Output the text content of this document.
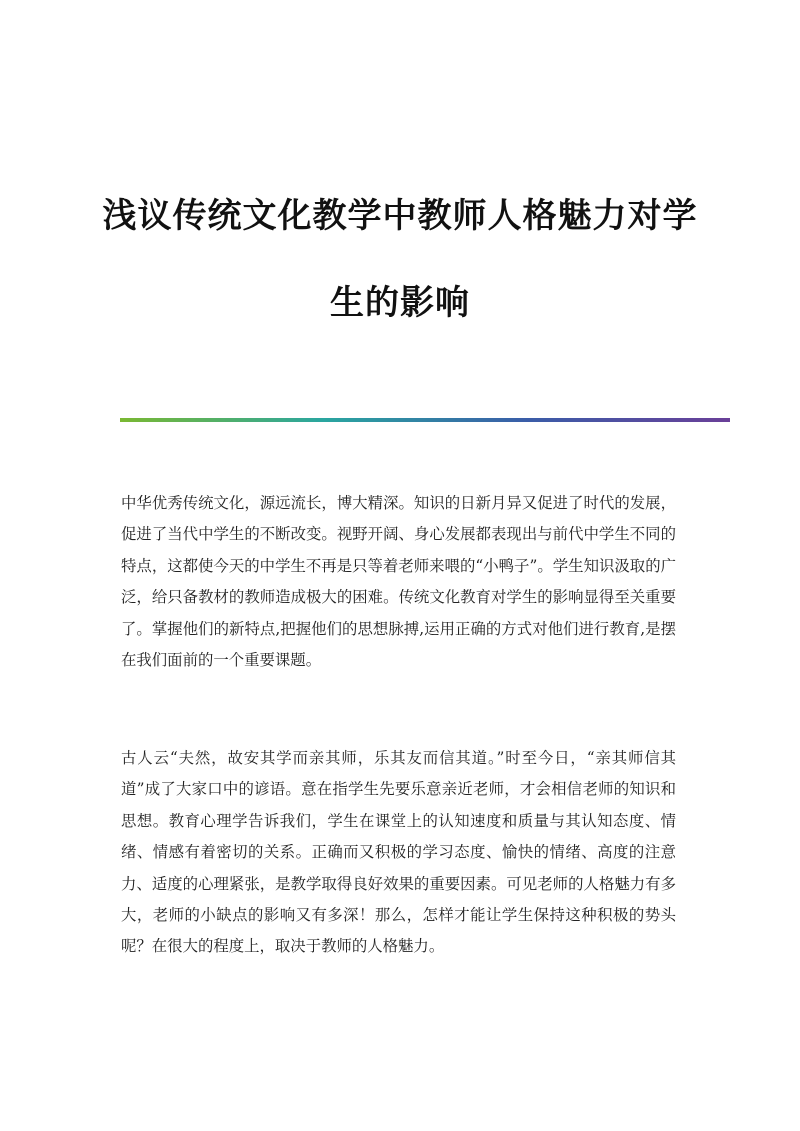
浅议传统文化教学中教师人格魅力对学
生的影响

中华优秀传统文化，源远流长，博大精深。知识的日新月异又促进了时代的发展，促进了当代中学生的不断改变。视野开阔、身心发展都表现出与前代中学生不同的特点，这都使今天的中学生不再是只等着老师来喂的“小鸭子”。学生知识汲取的广泛，给只备教材的教师造成极大的困难。传统文化教育对学生的影响显得至关重要了。掌握他们的新特点,把握他们的思想脉搏,运用正确的方式对他们进行教育,是摆在我们面前的一个重要课题。

古人云“夫然，故安其学而亲其师，乐其友而信其道。”时至今日，“亲其师信其道”成了大家口中的谚语。意在指学生先要乐意亲近老师，才会相信老师的知识和思想。教育心理学告诉我们，学生在课堂上的认知速度和质量与其认知态度、情绪、情感有着密切的关系。正确而又积极的学习态度、愉快的情绪、高度的注意力、适度的心理紧张，是教学取得良好效果的重要因素。可见老师的人格魅力有多大，老师的小缺点的影响又有多深！那么，怎样才能让学生保持这种积极的势头呢？在很大的程度上，取决于教师的人格魅力。
